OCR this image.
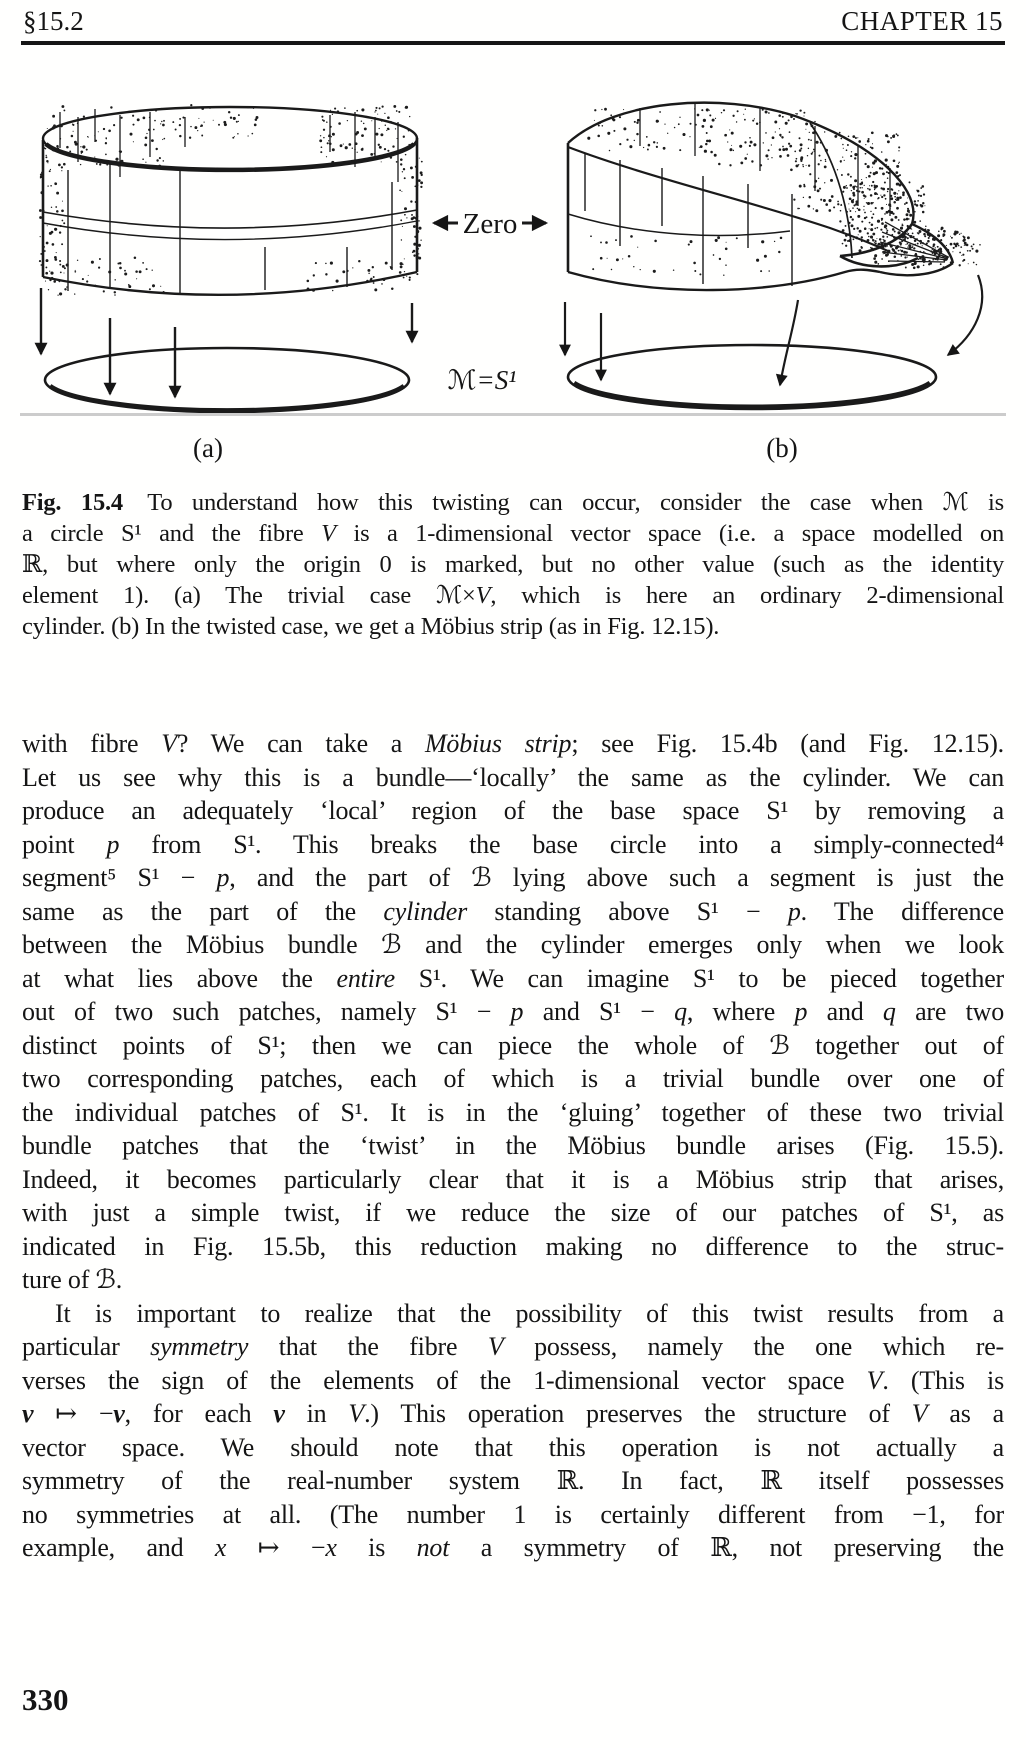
§15.2	CHAPTER 15
Zero
ℳ=S¹
(a)	(b)
Fig. 15.4 To understand how this twisting can occur, consider the case when ℳ is
a circle S¹ and the fibre V is a 1-dimensional vector space (i.e. a space modelled on
ℝ, but where only the origin 0 is marked, but no other value (such as the identity
element 1). (a) The trivial case ℳ×V, which is here an ordinary 2-dimensional
cylinder. (b) In the twisted case, we get a Möbius strip (as in Fig. 12.15).
with fibre V? We can take a Möbius strip; see Fig. 15.4b (and Fig. 12.15).
Let us see why this is a bundle—‘locally’ the same as the cylinder. We can
produce an adequately ‘local’ region of the base space S¹ by removing a
point p from S¹. This breaks the base circle into a simply-connected⁴
segment⁵ S¹ − p, and the part of ℬ lying above such a segment is just the
same as the part of the cylinder standing above S¹ − p. The difference
between the Möbius bundle ℬ and the cylinder emerges only when we look
at what lies above the entire S¹. We can imagine S¹ to be pieced together
out of two such patches, namely S¹ − p and S¹ − q, where p and q are two
distinct points of S¹; then we can piece the whole of ℬ together out of
two corresponding patches, each of which is a trivial bundle over one of
the individual patches of S¹. It is in the ‘gluing’ together of these two trivial
bundle patches that the ‘twist’ in the Möbius bundle arises (Fig. 15.5).
Indeed, it becomes particularly clear that it is a Möbius strip that arises,
with just a simple twist, if we reduce the size of our patches of S¹, as
indicated in Fig. 15.5b, this reduction making no difference to the struc-
ture of ℬ.
It is important to realize that the possibility of this twist results from a
particular symmetry that the fibre V possess, namely the one which re-
verses the sign of the elements of the 1-dimensional vector space V. (This is
v ↦ −v, for each v in V.) This operation preserves the structure of V as a
vector space. We should note that this operation is not actually a
symmetry of the real-number system ℝ. In fact, ℝ itself possesses
no symmetries at all. (The number 1 is certainly different from −1, for
example, and x ↦ −x is not a symmetry of ℝ, not preserving the
330
